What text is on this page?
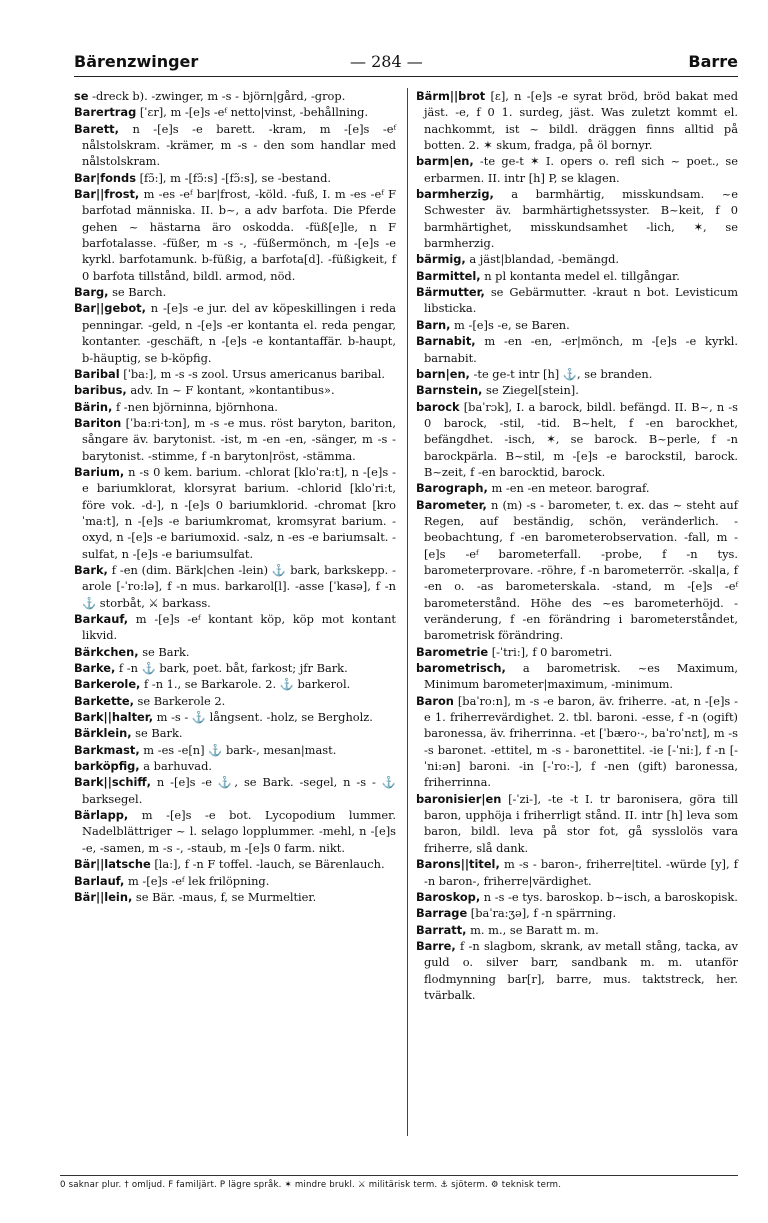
Bärenzwinger	— 284 —	Barre

se -dreck b). -zwinger, m -s - björn|gård, -grop.

Barertrag [ˈɛr], m -[e]s -eᶠ netto|vinst, -behållning.

Barett, n -[e]s -e barett. -kram, m -[e]s -eᶠ nålstolskram. -krämer, m -s - den som handlar med nålstolskram.

Bar|fonds [fɔ̃:], m -[fɔ̃:s] -[fɔ̃:s], se -bestand.

Bar||frost, m -es -eᶠ bar|frost, -köld. -fuß, I. m -es -eᶠ F barfotad människa. II. b~, a adv barfota. Die Pferde gehen ~ hästarna äro oskodda. -füß[e]le, n F barfotalasse. -füßer, m -s -, -füßermönch, m -[e]s -e kyrkl. barfotamunk. b-füßig, a barfota[d]. -füßigkeit, f 0 barfota tillstånd, bildl. armod, nöd.

Barg, se Barch.

Bar||gebot, n -[e]s -e jur. del av köpeskillingen i reda penningar. -geld, n -[e]s -er kontanta el. reda pengar, kontanter. -geschäft, n -[e]s -e kontantaffär. b-haupt, b-häuptig, se b-köpfig.

Baribal [ˈba:], m -s -s zool. Ursus americanus baribal.

baribus, adv. In ~ F kontant, »kontantibus».

Bärin, f -nen björninna, björnhona.

Bariton [ˈba:ri·tɔn], m -s -e mus. röst baryton, bariton, sångare äv. barytonist. -ist, m -en -en, -sänger, m -s - barytonist. -stimme, f -n baryton|röst, -stämma.

Barium, n -s 0 kem. barium. -chlorat [kloˈra:t], n -[e]s -e bariumklorat, klorsyrat barium. -chlorid [kloˈri:t, före vok. -d-], n -[e]s 0 bariumklorid. -chromat [kroˈma:t], n -[e]s -e bariumkromat, kromsyrat barium. -oxyd, n -[e]s -e bariumoxid. -salz, n -es -e bariumsalt. -sulfat, n -[e]s -e bariumsulfat.

Bark, f -en (dim. Bärk|chen -lein) ⚓ bark, barkskepp. -arole [-ˈro:lə], f -n mus. barkarol[l]. -asse [ˈkasə], f -n ⚓ storbåt, ⚔ barkass.

Barkauf, m -[e]s -eᶠ kontant köp, köp mot kontant likvid.

Bärkchen, se Bark.

Barke, f -n ⚓ bark, poet. båt, farkost; jfr Bark.

Barkerole, f -n 1., se Barkarole. 2. ⚓ barkerol.

Barkette, se Barkerole 2.

Bark||halter, m -s - ⚓ långsent. -holz, se Bergholz.

Bärklein, se Bark.

Barkmast, m -es -e[n] ⚓ bark-, mesan|mast.

barköpfig, a barhuvad.

Bark||schiff, n -[e]s -e ⚓, se Bark. -segel, n -s - ⚓ barksegel.

Bärlapp, m -[e]s -e bot. Lycopodium lummer. Nadelblättriger ~ l. selago lopplummer. -mehl, n -[e]s -e, -samen, m -s -, -staub, m -[e]s 0 farm. nikt.

Bär||latsche [la:], f -n F toffel. -lauch, se Bärenlauch.

Barlauf, m -[e]s -eᶠ lek frilöpning.

Bär||lein, se Bär. -maus, f, se Murmeltier.

Bärm||brot [ɛ], n -[e]s -e syrat bröd, bröd bakat med jäst. -e, f 0 1. surdeg, jäst. Was zuletzt kommt el. nachkommt, ist ~ bildl. dräggen finns alltid på botten. 2. ✶ skum, fradga, på öl bornyr.

barm|en, -te ge-t ✶ I. opers o. refl sich ~ poet., se erbarmen. II. intr [h] P, se klagen.

barmherzig, a barmhärtig, misskundsam. ~e Schwester äv. barmhärtighetssyster. B~keit, f 0 barmhärtighet, misskundsamhet -lich, ✶, se barmherzig.

bärmig, a jäst|blandad, -bemängd.

Barmittel, n pl kontanta medel el. tillgångar.

Bärmutter, se Gebärmutter. -kraut n bot. Levisticum libsticka.

Barn, m -[e]s -e, se Baren.

Barnabit, m -en -en, -er|mönch, m -[e]s -e kyrkl. barnabit.

barn|en, -te ge-t intr [h] ⚓, se branden.

Barnstein, se Ziegel[stein].

barock [baˈrɔk], I. a barock, bildl. befängd. II. B~, n -s 0 barock, -stil, -tid. B~helt, f -en barockhet, befängdhet. -isch, ✶, se barock. B~perle, f -n barockpärla. B~stil, m -[e]s -e barockstil, barock. B~zeit, f -en barocktid, barock.

Barograph, m -en -en meteor. barograf.

Barometer, n (m) -s - barometer, t. ex. das ~ steht auf Regen, auf beständig, schön, veränderlich. -beobachtung, f -en barometerobservation. -fall, m -[e]s -eᶠ barometerfall. -probe, f -n tys. barometerprovare. -röhre, f -n barometerrör. -skal|a, f -en o. -as barometerskala. -stand, m -[e]s -eᶠ barometerstånd. Höhe des ~es barometerhöjd. -veränderung, f -en förändring i barometerståndet, barometrisk förändring.

Barometrie [-ˈtri:], f 0 barometri.

barometrisch, a barometrisk. ~es Maximum, Minimum barometer|maximum, -minimum.

Baron [baˈro:n], m -s -e baron, äv. friherre. -at, n -[e]s -e 1. friherrevärdighet. 2. tbl. baroni. -esse, f -n (ogift) baronessa, äv. friherrinna. -et [ˈbæro·-, baˈroˈnɛt], m -s -s baronet. -ettitel, m -s - baronettitel. -ie [-ˈni:], f -n [-ˈni:ən] baroni. -in [-ˈro:-], f -nen (gift) baronessa, friherrinna.

baronisier|en [-ˈzi-], -te -t I. tr baronisera, göra till baron, upphöja i friherrligt stånd. II. intr [h] leva som baron, bildl. leva på stor fot, gå sysslolös vara friherre, slå dank.

Barons||titel, m -s - baron-, friherre|titel. -würde [y], f -n baron-, friherre|värdighet.

Baroskop, n -s -e tys. baroskop. b~isch, a baroskopisk.

Barrage [baˈra:ʒə], f -n spärrning.

Barratt, m. m., se Baratt m. m.

Barre, f -n slagbom, skrank, av metall stång, tacka, av guld o. silver barr, sandbank m. m. utanför flodmynning bar[r], barre, mus. taktstreck, her. tvärbalk.

0 saknar plur. † omljud. F familjärt. P lägre språk. ✶ mindre brukl. ⚔ militärisk term. ⚓ sjöterm. ⚙ teknisk term.
